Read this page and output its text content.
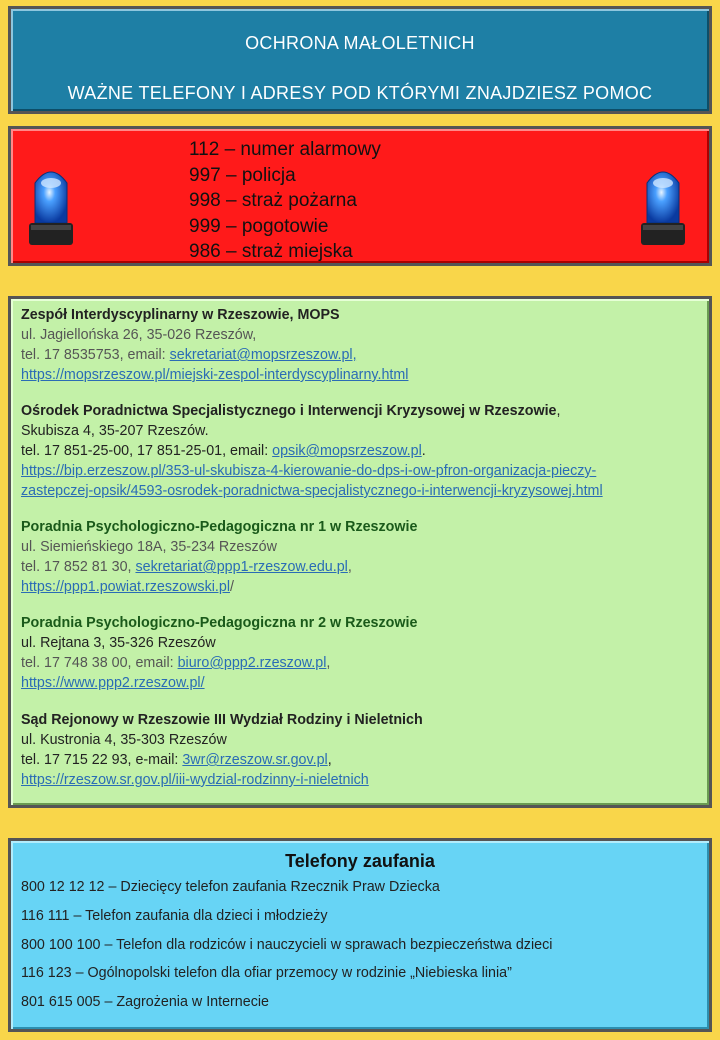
OCHRONA MAŁOLETNICH
WAŻNE TELEFONY I ADRESY POD KTÓRYMI ZNAJDZIESZ POMOC
112 – numer alarmowy
997 – policja
998 – straż pożarna
999 – pogotowie
986 – straż miejska
Zespół Interdyscyplinarny w Rzeszowie, MOPS
ul. Jagiellońska 26, 35-026 Rzeszów,
tel. 17 8535753, email: sekretariat@mopsrzeszow.pl,
https://mopsrzeszow.pl/miejski-zespol-interdyscyplinarny.html
Ośrodek Poradnictwa Specjalistycznego i Interwencji Kryzysowej w Rzeszowie,
Skubisza 4, 35-207 Rzeszów.
tel. 17 851-25-00, 17 851-25-01, email: opsik@mopsrzeszow.pl.
https://bip.erzeszow.pl/353-ul-skubisza-4-kierowanie-do-dps-i-ow-pfron-organizacja-pieczy-
zastepczej-opsik/4593-osrodek-poradnictwa-specjalistycznego-i-interwencji-kryzysowej.html
Poradnia Psychologiczno-Pedagogiczna nr 1 w Rzeszowie
ul. Siemieńskiego 18A, 35-234 Rzeszów
tel. 17 852 81 30, sekretariat@ppp1-rzeszow.edu.pl,
https://ppp1.powiat.rzeszowski.pl/
Poradnia Psychologiczno-Pedagogiczna nr 2 w Rzeszowie
ul. Rejtana 3, 35-326 Rzeszów
tel. 17 748 38 00, email: biuro@ppp2.rzeszow.pl,
https://www.ppp2.rzeszow.pl/
Sąd Rejonowy w Rzeszowie III Wydział Rodziny i Nieletnich
ul. Kustronia 4, 35-303 Rzeszów
tel. 17 715 22 93, e-mail: 3wr@rzeszow.sr.gov.pl,
https://rzeszow.sr.gov.pl/iii-wydzial-rodzinny-i-nieletnich
Telefony zaufania
800 12 12 12 – Dziecięcy telefon zaufania Rzecznik Praw Dziecka
116 111 – Telefon zaufania dla dzieci i młodzieży
800 100 100 – Telefon dla rodziców i nauczycieli w sprawach bezpieczeństwa dzieci
116 123 – Ogólnopolski telefon dla ofiar przemocy w rodzinie „Niebieska linia”
801 615 005 – Zagrożenia w Internecie
